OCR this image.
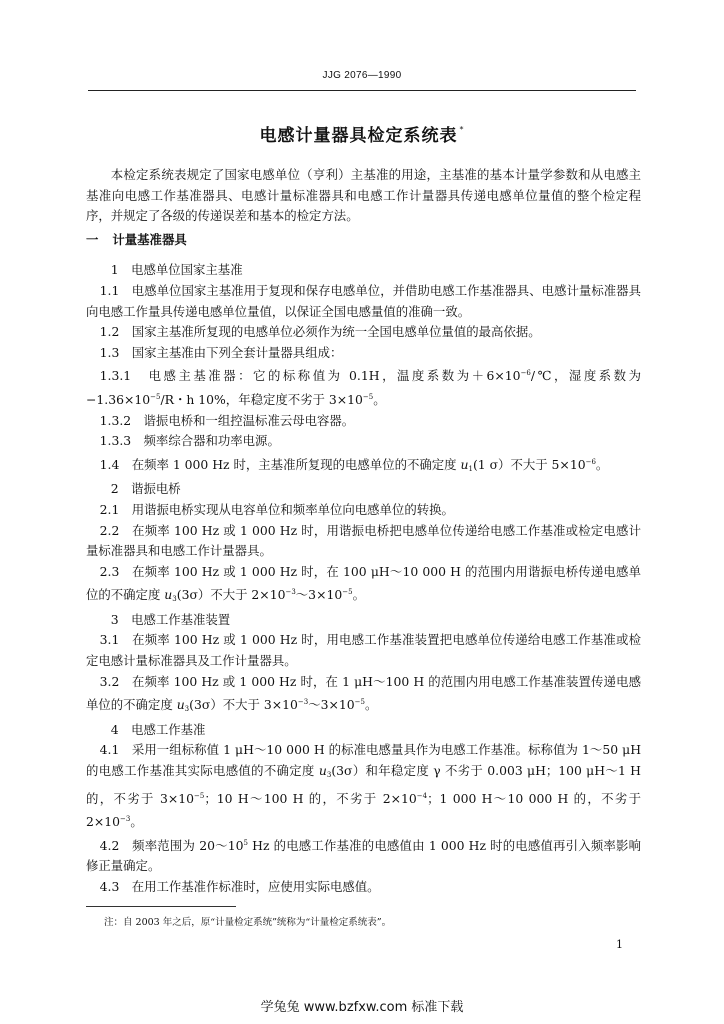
JJG 2076—1990
电感计量器具检定系统表 *

本检定系统表规定了国家电感单位（亨利）主基准的用途，主基准的基本计量学参数和从电感主基准向电感工作基准器具、电感计量标准器具和电感工作计量器具传递电感单位量值的整个检定程序，并规定了各级的传递误差和基本的检定方法。

一 计量基准器具

1　电感单位国家主基准

1.1　电感单位国家主基准用于复现和保存电感单位，并借助电感工作基准器具、电感计量标准器具向电感工作量具传递电感单位量值，以保证全国电感量值的准确一致。

1.2　国家主基准所复现的电感单位必须作为统一全国电感单位量值的最高依据。

1.3　国家主基准由下列全套计量器具组成：

1.3.1　电感主基准器：它的标称值为 0.1H，温度系数为$+6\times 10^{-6}/℃$，湿度系数为$-1.36\times 10^{-5}/R$・h 10%，年稳定度不劣于 $3\times 10^{-5}$。

1.3.2　谐振电桥和一组控温标准云母电容器。

1.3.3　频率综合器和功率电源。

1.4　在频率 1 000 Hz 时，主基准所复现的电感单位的不确定度 $u_1(1$ σ）不大于 $5\times 10^{-6}$。

2　谐振电桥

2.1　用谐振电桥实现从电容单位和频率单位向电感单位的转换。

2.2　在频率 100 Hz 或 1 000 Hz 时，用谐振电桥把电感单位传递给电感工作基准或检定电感计量标准器具和电感工作计量器具。

2.3　在频率 100 Hz 或 1 000 Hz 时，在 100 μH～10 000 H 的范围内用谐振电桥传递电感单位的不确定度 $u_3(3\sigma)$不大于 $2\times 10^{-3}\sim 3\times 10^{-5}$。

3　电感工作基准装置

3.1　在频率 100 Hz 或 1 000 Hz 时，用电感工作基准装置把电感单位传递给电感工作基准或检定电感计量标准器具及工作计量器具。

3.2　在频率 100 Hz 或 1 000 Hz 时，在 1 μH～100 H 的范围内用电感工作基准装置传递电感单位的不确定度 $u_3(3\sigma)$不大于 $3\times 10^{-3}\sim 3\times 10^{-5}$。

4　电感工作基准

4.1　采用一组标称值 1 μH～10 000 H 的标准电感量具作为电感工作基准。标称值为 1～50 μH 的电感工作基准其实际电感值的不确定度 $u_3(3\sigma)$和年稳定度 γ 不劣于 0.003 μH；100 μH～1 H 的，不劣于 $3\times 10^{-5}$；10 H～100 H 的，不劣于 $2\times 10^{-4}$；1 000 H～10 000 H 的，不劣于 $2\times 10^{-3}$。

4.2　频率范围为 $20\sim 10^5$ Hz 的电感工作基准的电感值由 1 000 Hz 时的电感值再引入频率影响修正量确定。

4.3　在用工作基准作标准时，应使用实际电感值。

注：自 2003 年之后，原“计量检定系统”统称为“计量检定系统表”。
1
学兔兔 www.bzfxw.com 标准下载
